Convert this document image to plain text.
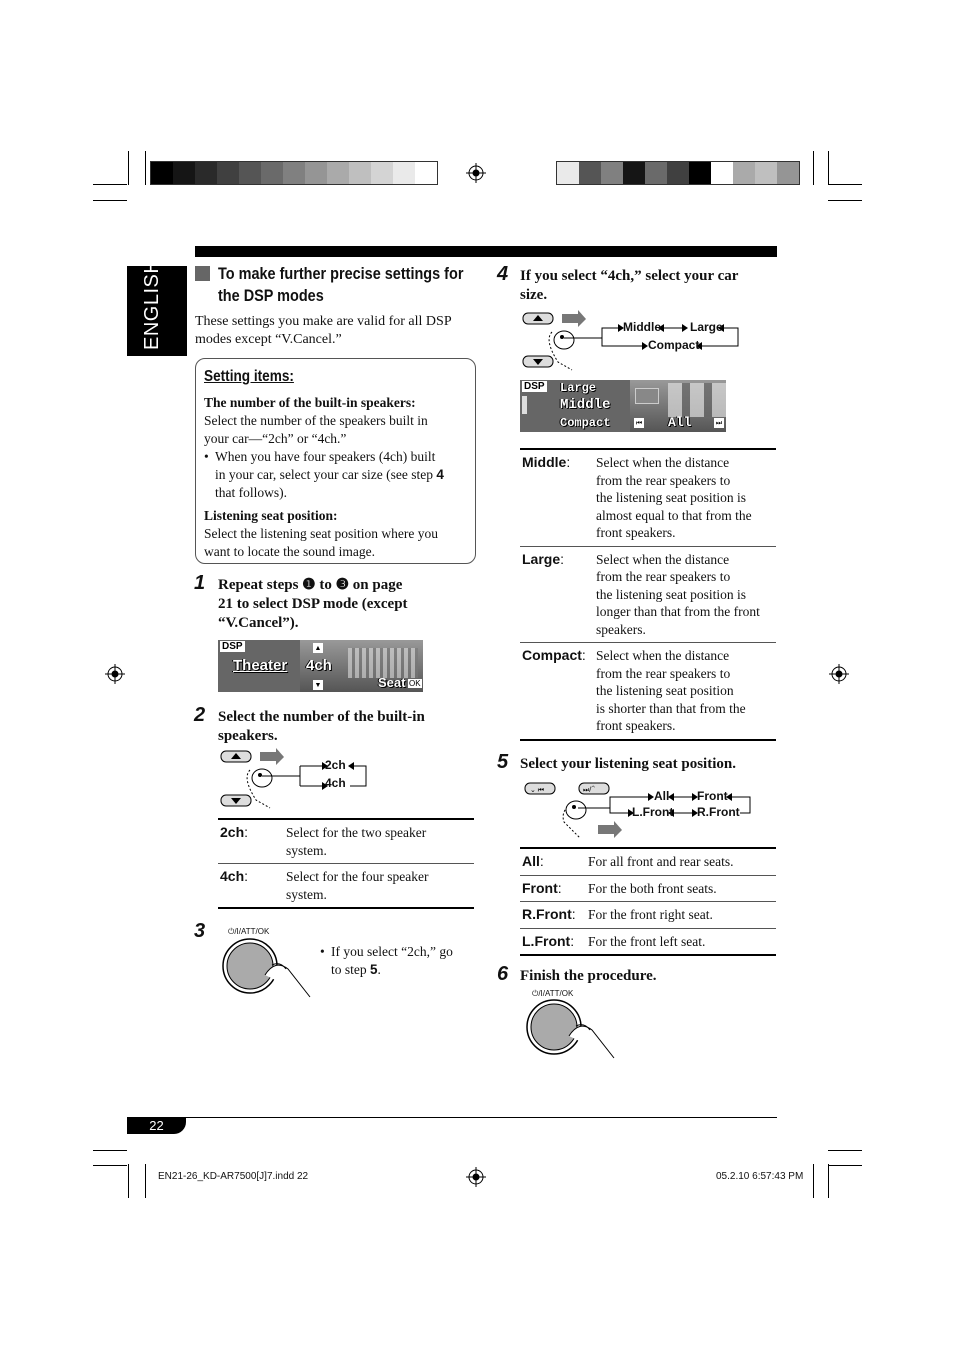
ENGLISH	To make further precise settings for
the DSP modes
These settings you make are valid for all DSP
modes except “V.Cancel.”
Setting items:
The number of the built-in speakers:
Select the number of the speakers built in
your car—“2ch” or “4ch.”
• When you have four speakers (4ch) built
in your car, select your car size (see step 4
that follows).
Listening seat position:
Select the listening seat position where you
want to locate the sound image.
1 Repeat steps ❶ to ❸ on page
21 to select DSP mode (except
“V.Cancel”).
DSP
Theater 4ch
▲
▼	Seat OK
2 Select the number of the built-in
speakers.
2ch
4ch
2ch:	Select for the two speaker
system.

4ch:	Select for the four speaker
system.
3	⏻/I/ATT/OK
• If you select “2ch,” go
to step 5.
4 If you select “4ch,” select your car
size.
Middle Large
Compact
DSP Large
Middle
Compact	All
⏮	⏭
Middle:	Select when the distance
from the rear speakers to
the listening seat position is
almost equal to that from the
front speakers.

Large:	Select when the distance
from the rear speakers to
the listening seat position is
longer than that from the front
speakers.

Compact:	Select when the distance
from the rear speakers to
the listening seat position
is shorter than that from the
front speakers.
5 Select your listening seat position.
⌄ ⏮	⏭/⌃	All Front
L.Front R.Front
All:	For all front and rear seats.
Front:	For the both front seats.
R.Front:	For the front right seat.
L.Front:	For the front left seat.
6 Finish the procedure.
⏻/I/ATT/OK
22
EN21-26_KD-AR7500[J]7.indd 22	05.2.10 6:57:43 PM
